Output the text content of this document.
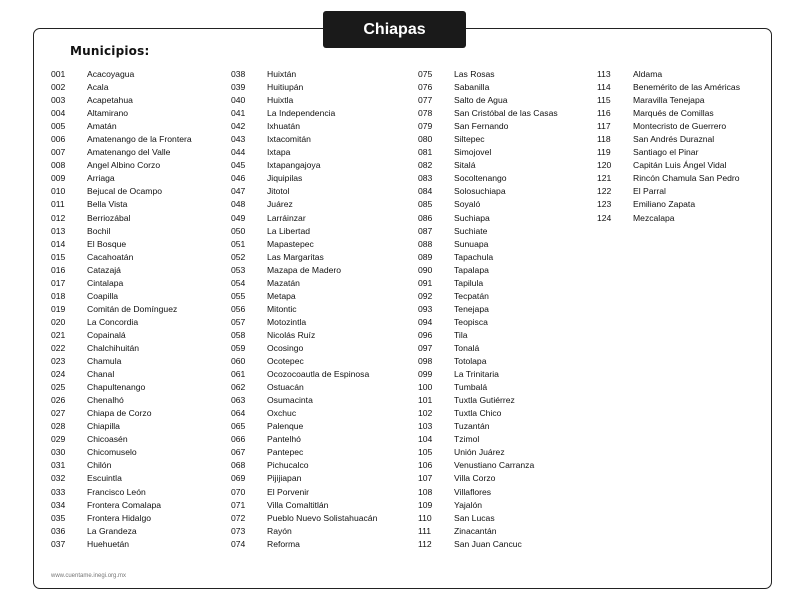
Chiapas
Municipios:
001	Acacoyagua
002	Acala
003	Acapetahua
004	Altamirano
005	Amatán
006	Amatenango de la Frontera
007	Amatenango del Valle
008	Angel Albino Corzo
009	Arriaga
010	Bejucal de Ocampo
011	Bella Vista
012	Berriozábal
013	Bochil
014	El Bosque
015	Cacahoatán
016	Catazajá
017	Cintalapa
018	Coapilla
019	Comitán de Domínguez
020	La Concordia
021	Copainalá
022	Chalchihuitán
023	Chamula
024	Chanal
025	Chapultenango
026	Chenalhó
027	Chiapa de Corzo
028	Chiapilla
029	Chicoasén
030	Chicomuselo
031	Chilón
032	Escuintla
033	Francisco León
034	Frontera Comalapa
035	Frontera Hidalgo
036	La Grandeza
037	Huehuetán
038	Huixtán
039	Huitiupán
040	Huixtla
041	La Independencia
042	Ixhuatán
043	Ixtacomitán
044	Ixtapa
045	Ixtapangajoya
046	Jiquipilas
047	Jitotol
048	Juárez
049	Larráinzar
050	La Libertad
051	Mapastepec
052	Las Margaritas
053	Mazapa de Madero
054	Mazatán
055	Metapa
056	Mitontic
057	Motozintla
058	Nicolás Ruíz
059	Ocosingo
060	Ocotepec
061	Ocozocoautla de Espinosa
062	Ostuacán
063	Osumacinta
064	Oxchuc
065	Palenque
066	Pantelhó
067	Pantepec
068	Pichucalco
069	Pijijiapan
070	El Porvenir
071	Villa Comaltitlán
072	Pueblo Nuevo Solistahuacán
073	Rayón
074	Reforma
075	Las Rosas
076	Sabanilla
077	Salto de Agua
078	San Cristóbal de las Casas
079	San Fernando
080	Siltepec
081	Simojovel
082	Sitalá
083	Socoltenango
084	Solosuchiapa
085	Soyaló
086	Suchiapa
087	Suchiate
088	Sunuapa
089	Tapachula
090	Tapalapa
091	Tapilula
092	Tecpatán
093	Tenejapa
094	Teopisca
096	Tila
097	Tonalá
098	Totolapa
099	La Trinitaria
100	Tumbalá
101	Tuxtla Gutiérrez
102	Tuxtla Chico
103	Tuzantán
104	Tzimol
105	Unión Juárez
106	Venustiano Carranza
107	Villa Corzo
108	Villaflores
109	Yajalón
110	San Lucas
111	Zinacantán
112	San Juan Cancuc
113	Aldama
114	Benemérito de las Américas
115	Maravilla Tenejapa
116	Marqués de Comillas
117	Montecristo de Guerrero
118	San Andrés Duraznal
119	Santiago el Pinar
120	Capitán Luis Ángel Vidal
121	Rincón Chamula San Pedro
122	El Parral
123	Emiliano Zapata
124	Mezcalapa
www.cuentame.inegi.org.mx
